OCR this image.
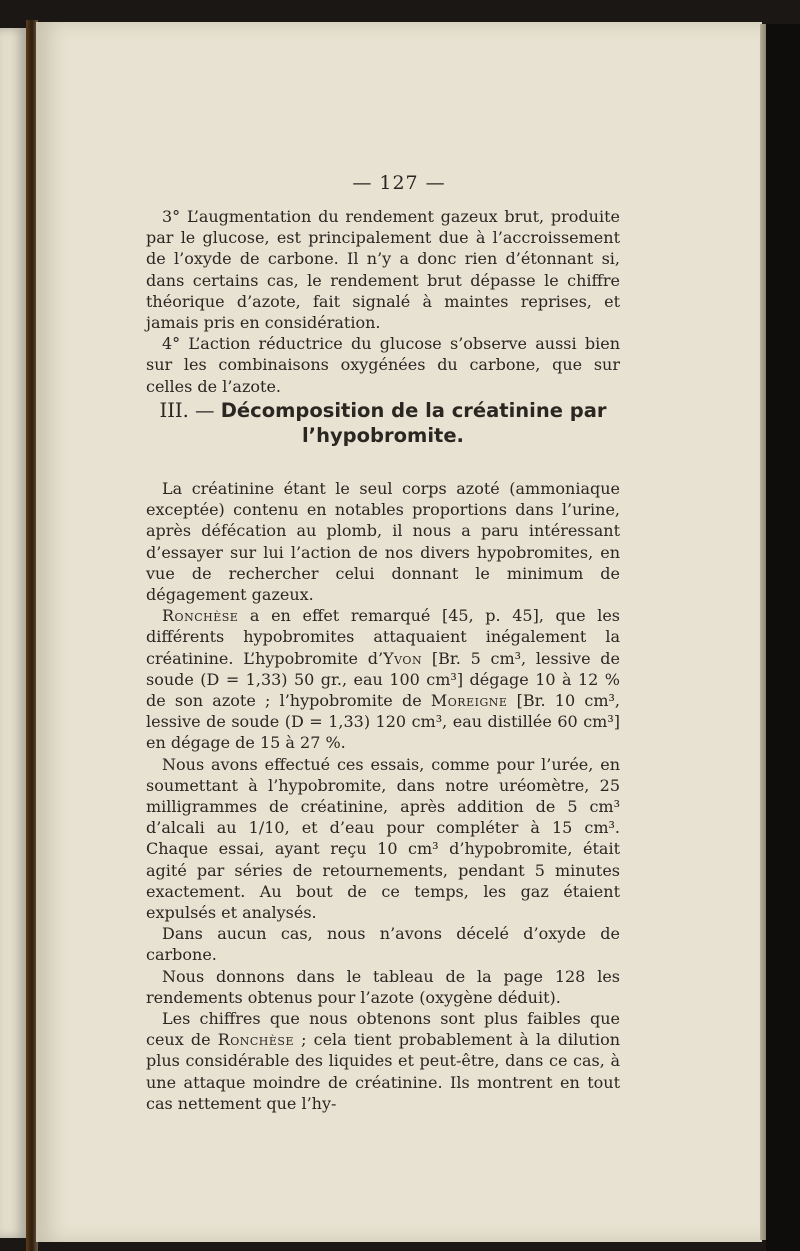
— 127 —

3° L’augmentation du rendement gazeux brut, produite par le glucose, est principalement due à l’accroissement de l’oxyde de carbone. Il n’y a donc rien d’étonnant si, dans certains cas, le rendement brut dépasse le chiffre théorique d’azote, fait signalé à maintes reprises, et jamais pris en considération.

4° L’action réductrice du glucose s’observe aussi bien sur les combinaisons oxygénées du carbone, que sur celles de l’azote.

III. — Décomposition de la créatinine par l’hypobromite.

La créatinine étant le seul corps azoté (ammoniaque exceptée) contenu en notables proportions dans l’urine, après défécation au plomb, il nous a paru intéressant d’essayer sur lui l’action de nos divers hypobromites, en vue de rechercher celui donnant le minimum de dégagement gazeux.

Ronchèse a en effet remarqué [45, p. 45], que les différents hypobromites attaquaient inégalement la créatinine. L’hypobromite d’Yvon [Br. 5 cm³, lessive de soude (D = 1,33) 50 gr., eau 100 cm³] dégage 10 à 12 % de son azote ; l’hypobromite de Moreigne [Br. 10 cm³, lessive de soude (D = 1,33) 120 cm³, eau distillée 60 cm³] en dégage de 15 à 27 %.

Nous avons effectué ces essais, comme pour l’urée, en soumettant à l’hypobromite, dans notre uréomètre, 25 milligrammes de créatinine, après addition de 5 cm³ d’alcali au 1/10, et d’eau pour compléter à 15 cm³. Chaque essai, ayant reçu 10 cm³ d’hypobromite, était agité par séries de retournements, pendant 5 minutes exactement. Au bout de ce temps, les gaz étaient expulsés et analysés.

Dans aucun cas, nous n’avons décelé d’oxyde de carbone.

Nous donnons dans le tableau de la page 128 les rendements obtenus pour l’azote (oxygène déduit).

Les chiffres que nous obtenons sont plus faibles que ceux de Ronchèse ; cela tient probablement à la dilution plus considérable des liquides et peut-être, dans ce cas, à une attaque moindre de créatinine. Ils montrent en tout cas nettement que l’hy-
